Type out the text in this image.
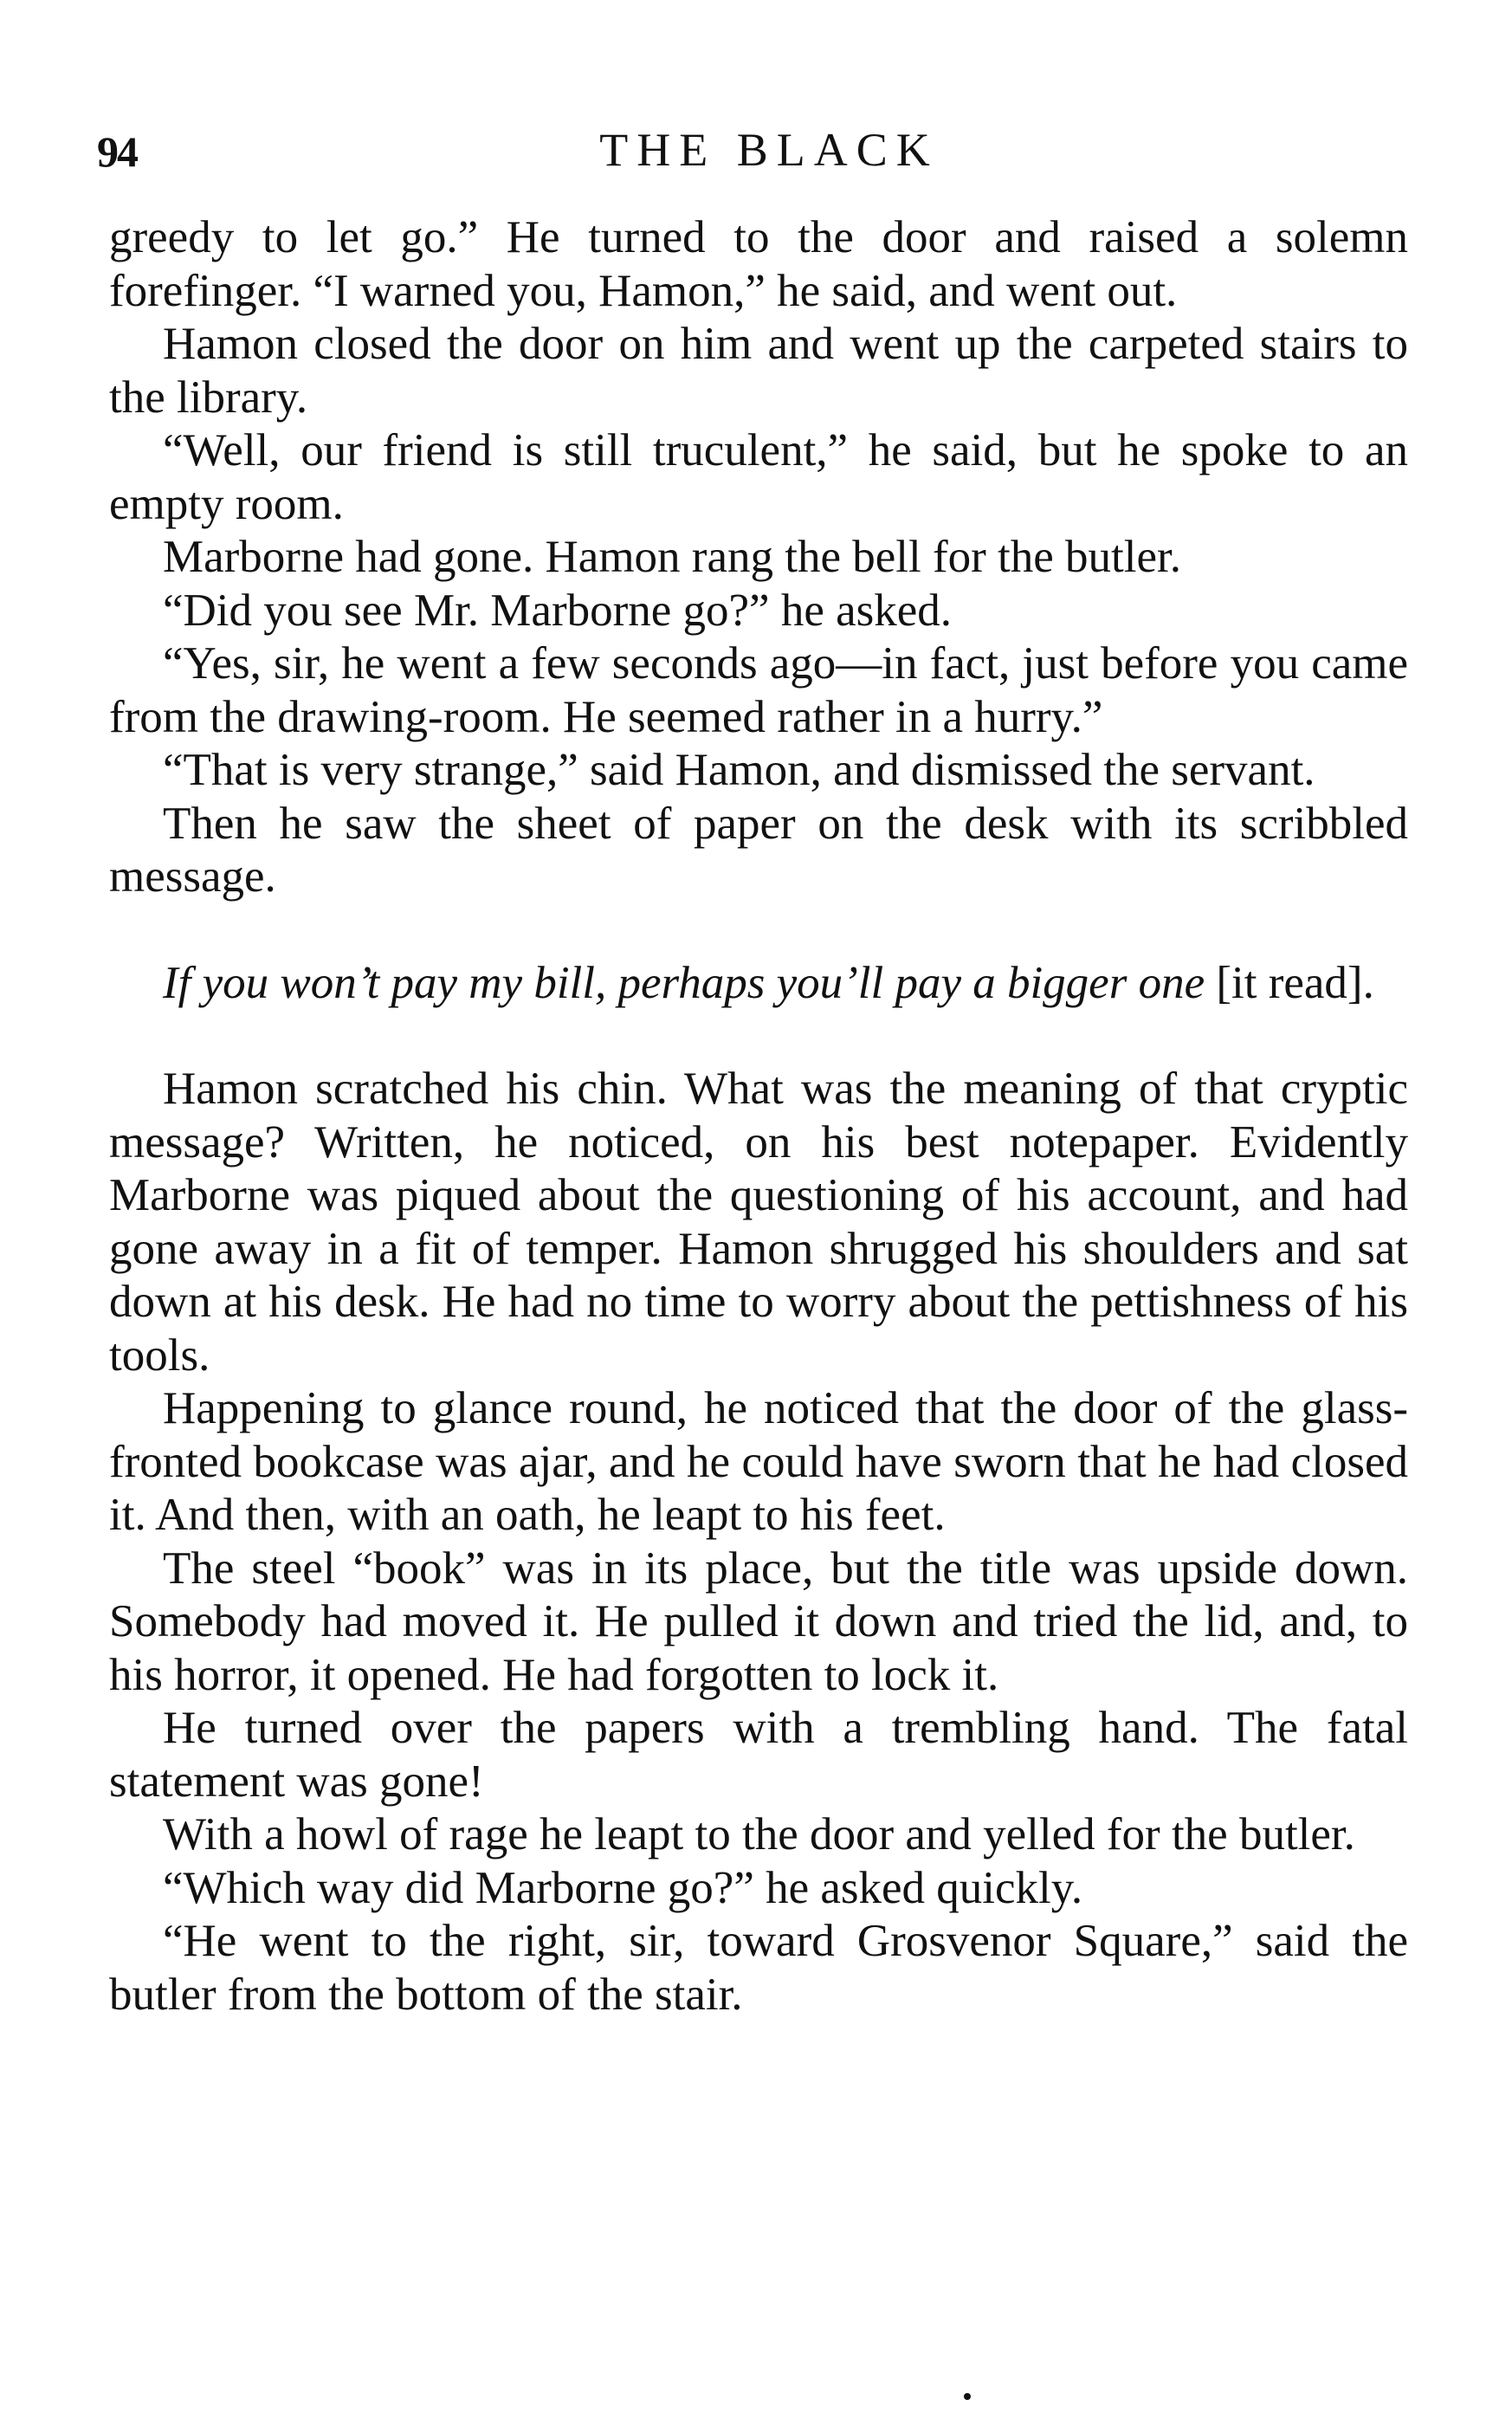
94	THE BLACK

greedy to let go.” He turned to the door and raised a solemn forefinger. “I warned you, Hamon,” he said, and went out.

Hamon closed the door on him and went up the carpeted stairs to the library.

“Well, our friend is still truculent,” he said, but he spoke to an empty room.

Marborne had gone. Hamon rang the bell for the butler.

“Did you see Mr. Marborne go?” he asked.

“Yes, sir, he went a few seconds ago—in fact, just before you came from the drawing-room. He seemed rather in a hurry.”

“That is very strange,” said Hamon, and dismissed the servant.

Then he saw the sheet of paper on the desk with its scribbled message.

If you won’t pay my bill, perhaps you’ll pay a bigger one [it read].

Hamon scratched his chin. What was the meaning of that cryptic message? Written, he noticed, on his best notepaper. Evidently Marborne was piqued about the questioning of his account, and had gone away in a fit of temper. Hamon shrugged his shoulders and sat down at his desk. He had no time to worry about the pettishness of his tools.

Happening to glance round, he noticed that the door of the glass-fronted bookcase was ajar, and he could have sworn that he had closed it. And then, with an oath, he leapt to his feet.

The steel “book” was in its place, but the title was upside down. Somebody had moved it. He pulled it down and tried the lid, and, to his horror, it opened. He had forgotten to lock it.

He turned over the papers with a trembling hand. The fatal statement was gone!

With a howl of rage he leapt to the door and yelled for the butler.

“Which way did Marborne go?” he asked quickly.

“He went to the right, sir, toward Grosvenor Square,” said the butler from the bottom of the stair.
